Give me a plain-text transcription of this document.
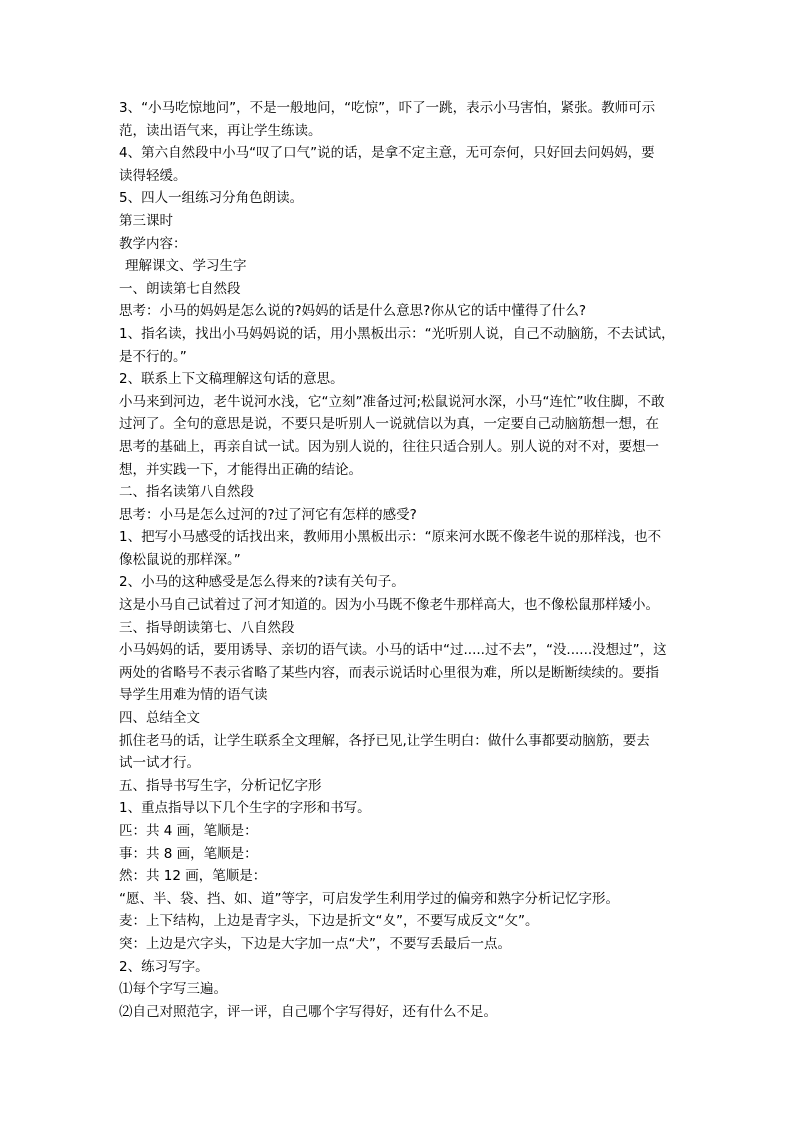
3、“小马吃惊地问”，不是一般地问，“吃惊”，吓了一跳，表示小马害怕，紧张。教师可示
范，读出语气来，再让学生练读。
4、第六自然段中小马“叹了口气”说的话，是拿不定主意，无可奈何，只好回去问妈妈，要
读得轻缓。
5、四人一组练习分角色朗读。
第三课时
教学内容：
理解课文、学习生字
一、朗读第七自然段
思考：小马的妈妈是怎么说的?妈妈的话是什么意思?你从它的话中懂得了什么?
1、指名读，找出小马妈妈说的话，用小黑板出示：“光听别人说，自己不动脑筋，不去试试，
是不行的。”
2、联系上下文稿理解这句话的意思。
小马来到河边，老牛说河水浅，它“立刻”准备过河;松鼠说河水深，小马“连忙”收住脚，不敢
过河了。全句的意思是说，不要只是听别人一说就信以为真，一定要自己动脑筋想一想，在
思考的基础上，再亲自试一试。因为别人说的，往往只适合别人。别人说的对不对，要想一
想，并实践一下，才能得出正确的结论。
二、指名读第八自然段
思考：小马是怎么过河的?过了河它有怎样的感受?
1、把写小马感受的话找出来，教师用小黑板出示：“原来河水既不像老牛说的那样浅，也不
像松鼠说的那样深。”
2、小马的这种感受是怎么得来的?读有关句子。
这是小马自己试着过了河才知道的。因为小马既不像老牛那样高大，也不像松鼠那样矮小。
三、指导朗读第七、八自然段
小马妈妈的话，要用诱导、亲切的语气读。小马的话中“过.....过不去”，“没......没想过”，这
两处的省略号不表示省略了某些内容，而表示说话时心里很为难，所以是断断续续的。要指
导学生用难为情的语气读
四、总结全文
抓住老马的话，让学生联系全文理解，各抒已见,让学生明白：做什么事都要动脑筋，要去
试一试才行。
五、指导书写生字，分析记忆字形
1、重点指导以下几个生字的字形和书写。
匹：共 4 画，笔顺是：
事：共 8 画，笔顺是：
然：共 12 画，笔顺是：
“愿、半、袋、挡、如、道”等字，可启发学生利用学过的偏旁和熟字分析记忆字形。
麦：上下结构，上边是青字头，下边是折文“夊”，不要写成反文“攵”。
突：上边是穴字头，下边是大字加一点“犬”，不要写丢最后一点。
2、练习写字。
⑴每个字写三遍。
⑵自己对照范字，评一评，自己哪个字写得好，还有什么不足。
